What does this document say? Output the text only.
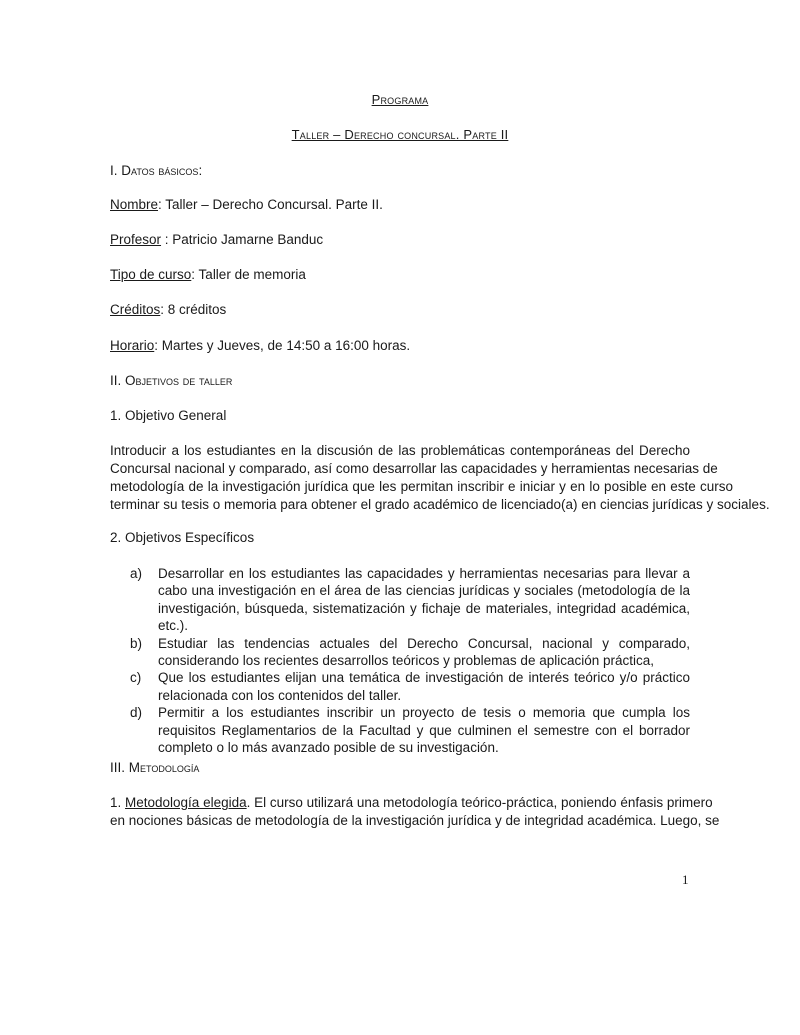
Programa
Taller – Derecho concursal. Parte II
I. Datos básicos:
Nombre: Taller – Derecho Concursal. Parte II.
Profesor : Patricio Jamarne Banduc
Tipo de curso: Taller de memoria
Créditos: 8 créditos
Horario: Martes y Jueves, de 14:50 a 16:00 horas.
II. Objetivos de taller
1. Objetivo General
Introducir a los estudiantes en la discusión de las problemáticas contemporáneas del Derecho
Concursal nacional y comparado, así como desarrollar las capacidades y herramientas necesarias de
metodología de la investigación jurídica que les permitan inscribir e iniciar y en lo posible en este curso
terminar su tesis o memoria para obtener el grado académico de licenciado(a) en ciencias jurídicas y sociales.
2. Objetivos Específicos
a) Desarrollar en los estudiantes las capacidades y herramientas necesarias para llevar a cabo una investigación en el área de las ciencias jurídicas y sociales (metodología de la investigación, búsqueda, sistematización y fichaje de materiales, integridad académica, etc.).
b) Estudiar las tendencias actuales del Derecho Concursal, nacional y comparado, considerando los recientes desarrollos teóricos y problemas de aplicación práctica,
c) Que los estudiantes elijan una temática de investigación de interés teórico y/o práctico relacionada con los contenidos del taller.
d) Permitir a los estudiantes inscribir un proyecto de tesis o memoria que cumpla los requisitos Reglamentarios de la Facultad y que culminen el semestre con el borrador completo o lo más avanzado posible de su investigación.
III. Metodología
1. Metodología elegida. El curso utilizará una metodología teórico-práctica, poniendo énfasis primero
en nociones básicas de metodología de la investigación jurídica y de integridad académica. Luego, se
1
